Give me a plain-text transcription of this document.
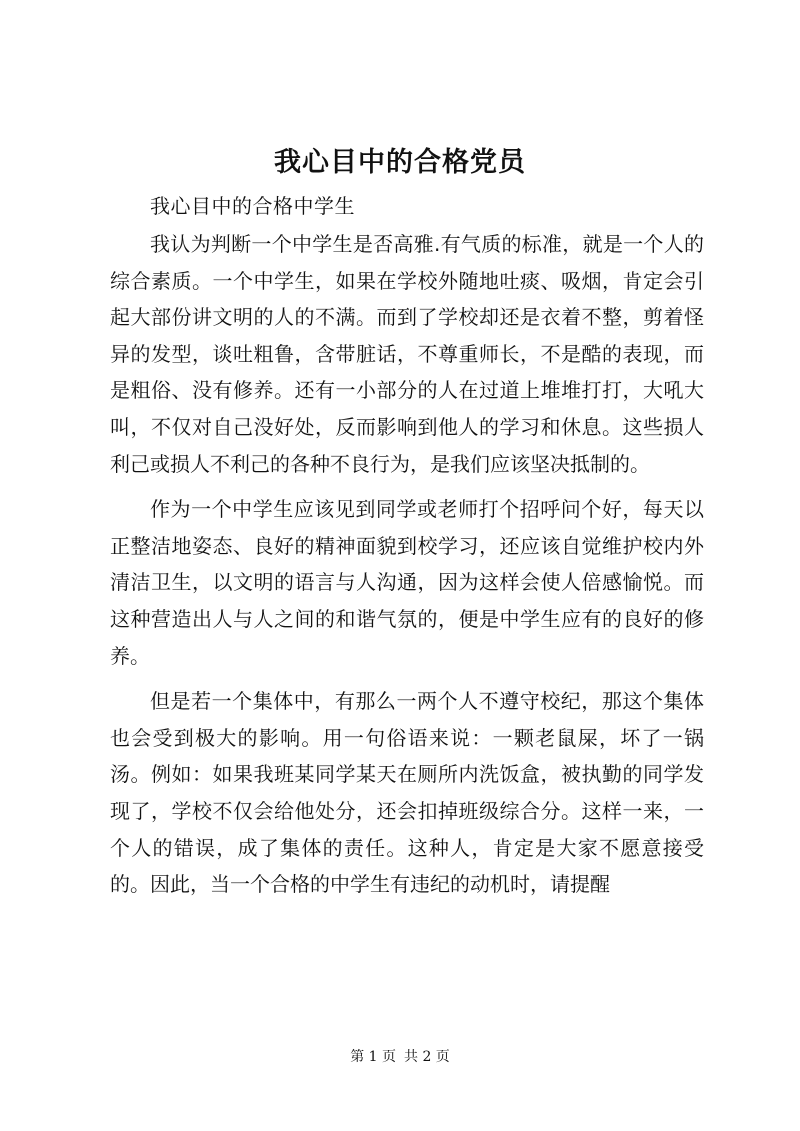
我心目中的合格党员
我心目中的合格中学生

我认为判断一个中学生是否高雅.有气质的标准，就是一个人的综合素质。一个中学生，如果在学校外随地吐痰、吸烟，肯定会引起大部份讲文明的人的不满。而到了学校却还是衣着不整，剪着怪异的发型，谈吐粗鲁，含带脏话，不尊重师长，不是酷的表现，而是粗俗、没有修养。还有一小部分的人在过道上堆堆打打，大吼大叫，不仅对自己没好处，反而影响到他人的学习和休息。这些损人利己或损人不利己的各种不良行为，是我们应该坚决抵制的。

作为一个中学生应该见到同学或老师打个招呼问个好，每天以正整洁地姿态、良好的精神面貌到校学习，还应该自觉维护校内外清洁卫生，以文明的语言与人沟通，因为这样会使人倍感愉悦。而这种营造出人与人之间的和谐气氛的，便是中学生应有的良好的修养。

但是若一个集体中，有那么一两个人不遵守校纪，那这个集体也会受到极大的影响。用一句俗语来说：一颗老鼠屎，坏了一锅汤。例如：如果我班某同学某天在厕所内洗饭盒，被执勤的同学发现了，学校不仅会给他处分，还会扣掉班级综合分。这样一来，一个人的错误，成了集体的责任。这种人，肯定是大家不愿意接受的。因此，当一个合格的中学生有违纪的动机时，请提醒

第 1 页 共 2 页
